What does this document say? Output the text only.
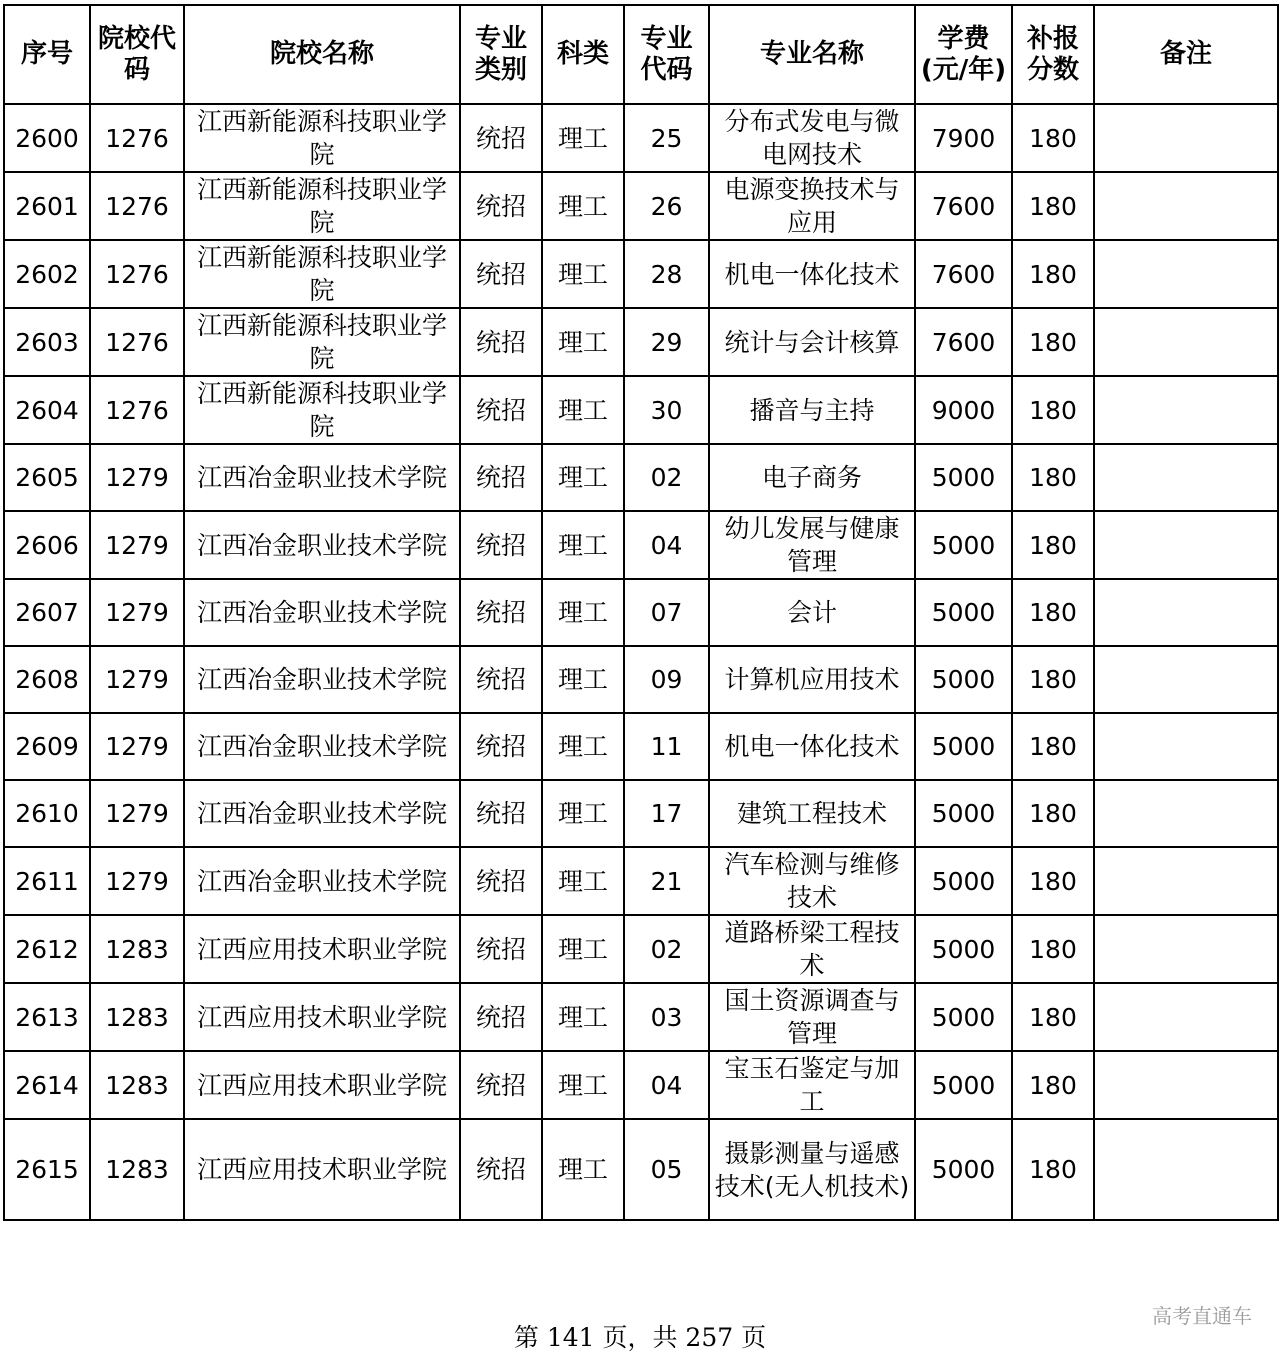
序号	院校代码	院校名称	专业类别	科类	专业代码	专业名称	学费(元/年)	补报分数	备注
2600	1276	江西新能源科技职业学院	统招	理工	25	分布式发电与微电网技术	7900	180	
2601	1276	江西新能源科技职业学院	统招	理工	26	电源变换技术与应用	7600	180	
2602	1276	江西新能源科技职业学院	统招	理工	28	机电一体化技术	7600	180	
2603	1276	江西新能源科技职业学院	统招	理工	29	统计与会计核算	7600	180	
2604	1276	江西新能源科技职业学院	统招	理工	30	播音与主持	9000	180	
2605	1279	江西冶金职业技术学院	统招	理工	02	电子商务	5000	180	
2606	1279	江西冶金职业技术学院	统招	理工	04	幼儿发展与健康管理	5000	180	
2607	1279	江西冶金职业技术学院	统招	理工	07	会计	5000	180	
2608	1279	江西冶金职业技术学院	统招	理工	09	计算机应用技术	5000	180	
2609	1279	江西冶金职业技术学院	统招	理工	11	机电一体化技术	5000	180	
2610	1279	江西冶金职业技术学院	统招	理工	17	建筑工程技术	5000	180	
2611	1279	江西冶金职业技术学院	统招	理工	21	汽车检测与维修技术	5000	180	
2612	1283	江西应用技术职业学院	统招	理工	02	道路桥梁工程技术	5000	180	
2613	1283	江西应用技术职业学院	统招	理工	03	国土资源调查与管理	5000	180	
2614	1283	江西应用技术职业学院	统招	理工	04	宝玉石鉴定与加工	5000	180	
2615	1283	江西应用技术职业学院	统招	理工	05	摄影测量与遥感技术(无人机技术)	5000	180	
第 141 页，共 257 页
高考直通车
